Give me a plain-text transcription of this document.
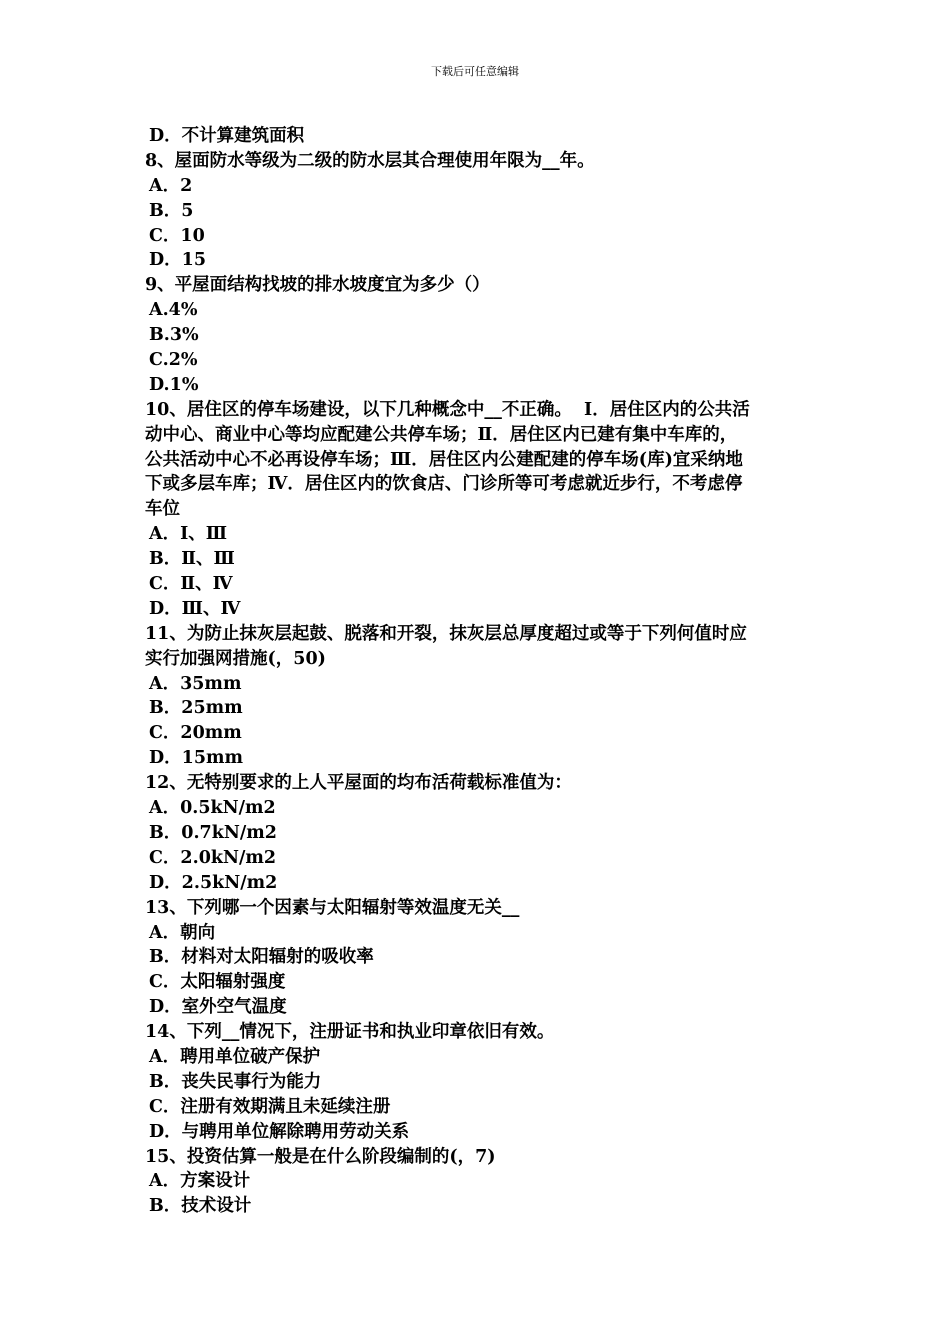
下载后可任意编辑
D．不计算建筑面积
8、屋面防水等级为二级的防水层其合理使用年限为__年。
A．2
B．5
C．10
D．15
9、平屋面结构找坡的排水坡度宜为多少（）
A.4%
B.3%
C.2%
D.1%
10、居住区的停车场建设，以下几种概念中__不正确。  Ⅰ．居住区内的公共活
动中心、商业中心等均应配建公共停车场；Ⅱ．居住区内已建有集中车库的，
公共活动中心不必再设停车场；Ⅲ．居住区内公建配建的停车场(库)宜采纳地
下或多层车库；Ⅳ．居住区内的饮食店、门诊所等可考虑就近步行，不考虑停
车位
A．Ⅰ、Ⅲ
B．Ⅱ、Ⅲ
C．Ⅱ、Ⅳ
D．Ⅲ、Ⅳ
11、为防止抹灰层起鼓、脱落和开裂，抹灰层总厚度超过或等于下列何值时应
实行加强网措施(，50)
A．35mm
B．25mm
C．20mm
D．15mm
12、无特别要求的上人平屋面的均布活荷载标准值为：
A．0.5kN/m2
B．0.7kN/m2
C．2.0kN/m2
D．2.5kN/m2
13、下列哪一个因素与太阳辐射等效温度无关__
A．朝向
B．材料对太阳辐射的吸收率
C．太阳辐射强度
D．室外空气温度
14、下列__情况下，注册证书和执业印章依旧有效。
A．聘用单位破产保护
B．丧失民事行为能力
C．注册有效期满且未延续注册
D．与聘用单位解除聘用劳动关系
15、投资估算一般是在什么阶段编制的(，7)
A．方案设计
B．技术设计
